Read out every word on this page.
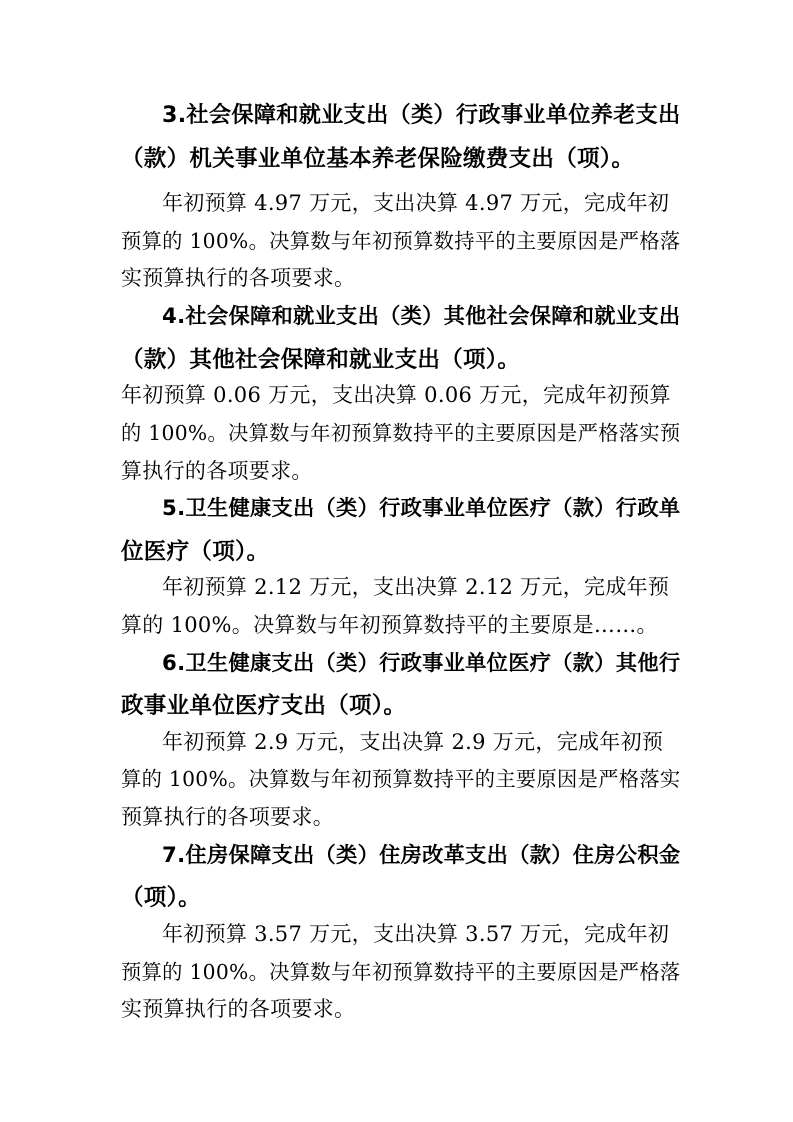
3.社会保障和就业支出（类）行政事业单位养老支出

（款）机关事业单位基本养老保险缴费支出（项）。

年初预算 4.97 万元，支出决算 4.97 万元，完成年初

预算的 100%。决算数与年初预算数持平的主要原因是严格落

实预算执行的各项要求。

4.社会保障和就业支出（类）其他社会保障和就业支出

（款）其他社会保障和就业支出（项）。

年初预算 0.06 万元，支出决算 0.06 万元，完成年初预算

的 100%。决算数与年初预算数持平的主要原因是严格落实预

算执行的各项要求。

5.卫生健康支出（类）行政事业单位医疗（款）行政单

位医疗（项）。

年初预算 2.12 万元，支出决算 2.12 万元，完成年预

算的 100%。决算数与年初预算数持平的主要原是……。

6.卫生健康支出（类）行政事业单位医疗（款）其他行

政事业单位医疗支出（项）。

年初预算 2.9 万元，支出决算 2.9 万元，完成年初预

算的 100%。决算数与年初预算数持平的主要原因是严格落实

预算执行的各项要求。

7.住房保障支出（类）住房改革支出（款）住房公积金

（项）。

年初预算 3.57 万元，支出决算 3.57 万元，完成年初

预算的 100%。决算数与年初预算数持平的主要原因是严格落

实预算执行的各项要求。
